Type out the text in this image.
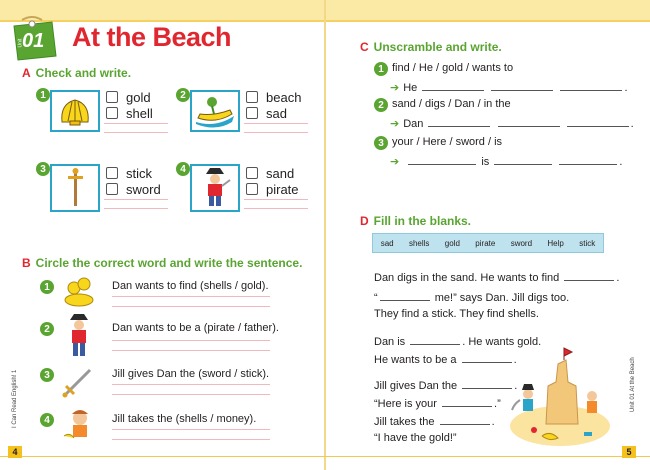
Unit
01 At the Beach
A Check and write.
1	gold
shell
2	beach
sad
3	stick
sword
4	sand
pirate
B Circle the correct word and write the sentence.
1	Dan wants to find (shells / gold).
2	Dan wants to be a (pirate / father).
3	Jill gives Dan the (sword / stick).
4	Jill takes the (shells / money).
I Can Read English! 1
4
C Unscramble and write.
1 find / He / gold / wants to
➔ He	.
2 sand / digs / Dan / in the
➔ Dan	.
3 your / Here / sword / is
➔	is	.
D Fill in the blanks.
sad shells gold pirate sword Help stick
Dan digs in the sand. He wants to find	.
“	me!” says Dan. Jill digs too.
They find a stick. They find shells.
Dan is	. He wants gold.
He wants to be a	.
Jill gives Dan the	.
“Here is your	.”
Jill takes the	.
“I have the gold!”
Unit 01 At the Beach
5
